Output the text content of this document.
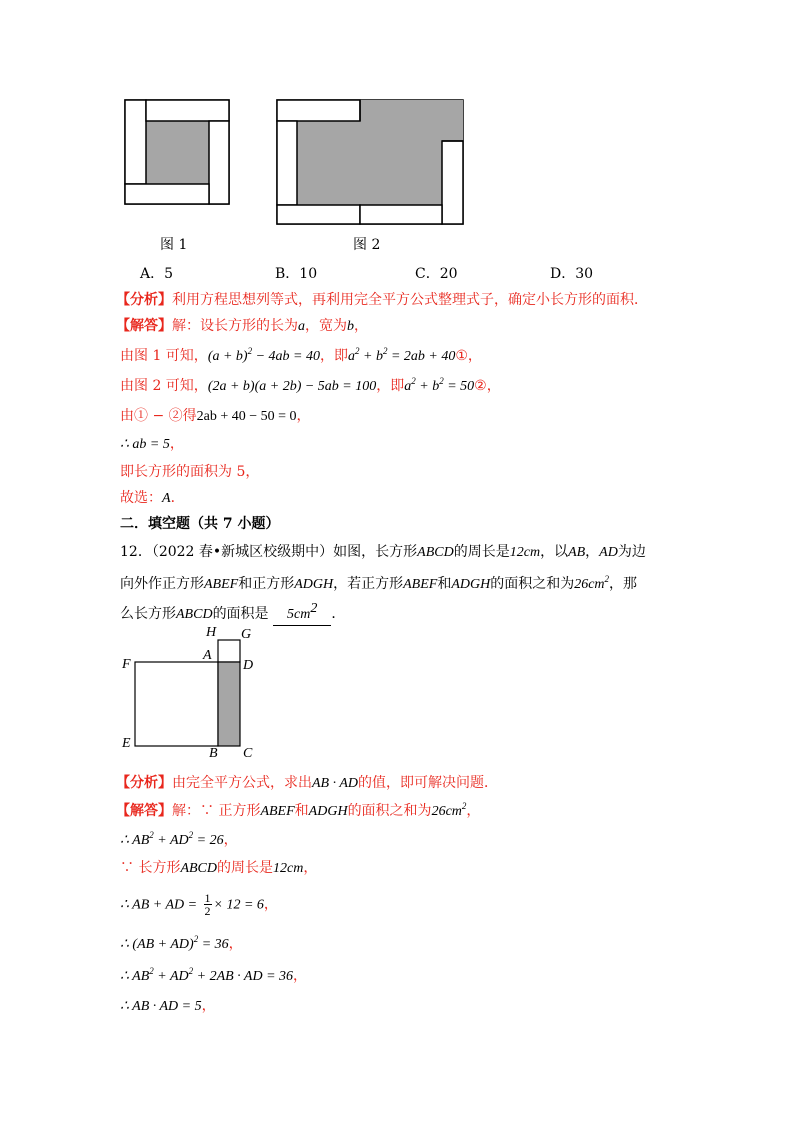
图 1	图 2
A．5	B．10	C．20	D．30
【分析】利用方程思想列等式，再利用完全平方公式整理式子，确定小长方形的面积．
【解答】解：设长方形的长为a，宽为b，
由图 1 可知，$(a + b)^2 - 4ab = 40$，即$a^2 + b^2 = 2ab$ + 40①，
由图 2 可知，(2a + b)(a + 2b) − 5ab = 100，即$a^2 + b^2$ = 50②，
由① − ②得2ab + 40 − 50 = 0，
∴ ab = 5，
即长方形的面积为 5，
故选：A．
二．填空题（共 7 小题）
12．（2022 春•新城区校级期中）如图，长方形ABCD的周长是12cm，以AB，AD为边
向外作正方形ABEF和正方形ADGH，若正方形ABEF和ADGH的面积之和为$26cm^2$，那
么长方形ABCD的面积是 $5cm^2$ ．
H G
F
A
D
E
B C
【分析】由完全平方公式，求出AB · AD的值，即可解决问题．
【解答】解：∵ 正方形ABEF和ADGH的面积之和为$26cm^2$，
∴ $AB^2 + AD^2 = 26$，
∵ 长方形ABCD的周长是12cm，
∴ AB + AD = $\frac{1}{2} \times 12 = 6$，
∴ (AB + AD)$^2$ = 36，
∴ $AB^2 + AD^2 + 2AB$ · AD = 36，
∴ AB · AD = 5，
